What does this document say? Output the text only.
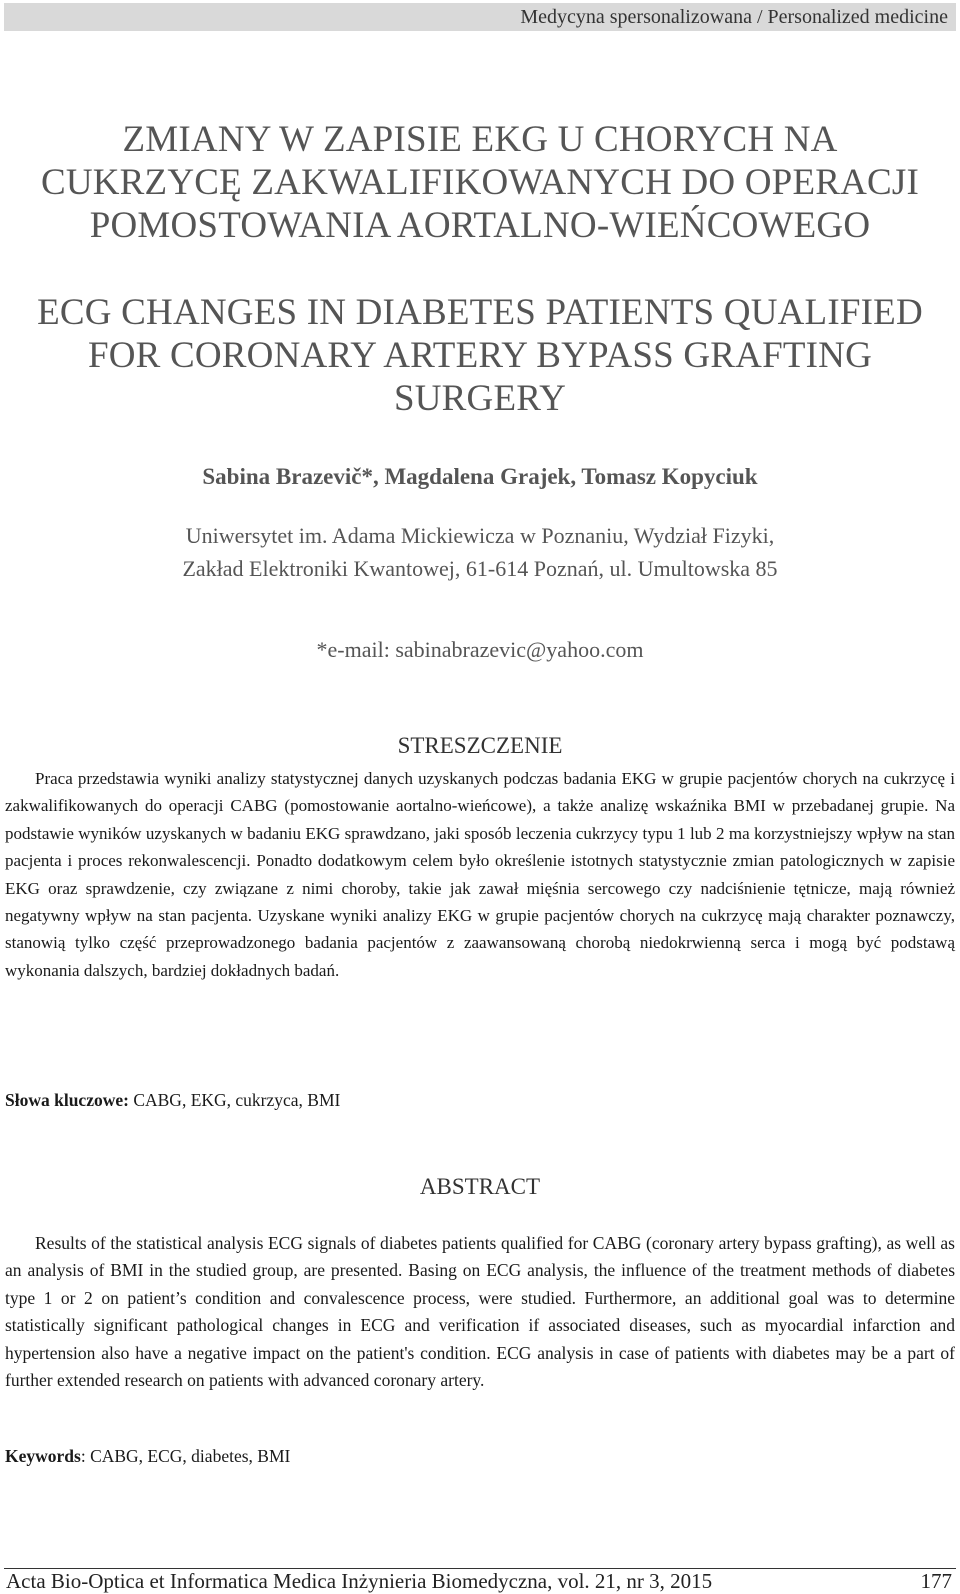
Medycyna spersonalizowana / Personalized medicine
ZMIANY W ZAPISIE EKG U CHORYCH NA
CUKRZYCĘ ZAKWALIFIKOWANYCH DO OPERACJI
POMOSTOWANIA AORTALNO-WIEŃCOWEGO
ECG CHANGES IN DIABETES PATIENTS QUALIFIED
FOR CORONARY ARTERY BYPASS GRAFTING
SURGERY
Sabina Brazevič*, Magdalena Grajek, Tomasz Kopyciuk
Uniwersytet im. Adama Mickiewicza w Poznaniu, Wydział Fizyki,
Zakład Elektroniki Kwantowej, 61-614 Poznań, ul. Umultowska 85
*e-mail: sabinabrazevic@yahoo.com
STRESZCZENIE
Praca przedstawia wyniki analizy statystycznej danych uzyskanych podczas badania EKG w grupie pacjentów chorych na cukrzycę i zakwalifikowanych do operacji CABG (pomostowanie aortalno-wieńcowe), a także analizę wskaźnika BMI w przebadanej grupie. Na podstawie wyników uzyskanych w badaniu EKG sprawdzano, jaki sposób leczenia cukrzycy typu 1 lub 2 ma korzystniejszy wpływ na stan pacjenta i proces rekonwalescencji. Ponadto dodatkowym celem było określenie istotnych statystycznie zmian patologicznych w zapisie EKG oraz sprawdzenie, czy związane z nimi choroby, takie jak zawał mięśnia sercowego czy nadciśnienie tętnicze, mają również negatywny wpływ na stan pacjenta. Uzyskane wyniki analizy EKG w grupie pacjentów chorych na cukrzycę mają charakter poznawczy, stanowią tylko część przeprowadzonego badania pacjentów z zaawansowaną chorobą niedokrwienną serca i mogą być podstawą wykonania dalszych, bardziej dokładnych badań.
Słowa kluczowe: CABG, EKG, cukrzyca, BMI
ABSTRACT
Results of the statistical analysis ECG signals of diabetes patients qualified for CABG (coronary artery bypass grafting), as well as an analysis of BMI in the studied group, are presented. Basing on ECG analysis, the influence of the treatment methods of diabetes type 1 or 2 on patient’s condition and convalescence process, were studied. Furthermore, an additional goal was to determine statistically significant pathological changes in ECG and verification if associated diseases, such as myocardial infarction and hypertension also have a negative impact on the patient's condition. ECG analysis in case of patients with diabetes may be a part of further extended research on patients with advanced coronary artery.
Keywords: CABG, ECG, diabetes, BMI
Acta Bio-Optica et Informatica Medica Inżynieria Biomedyczna, vol. 21, nr 3, 2015	177
